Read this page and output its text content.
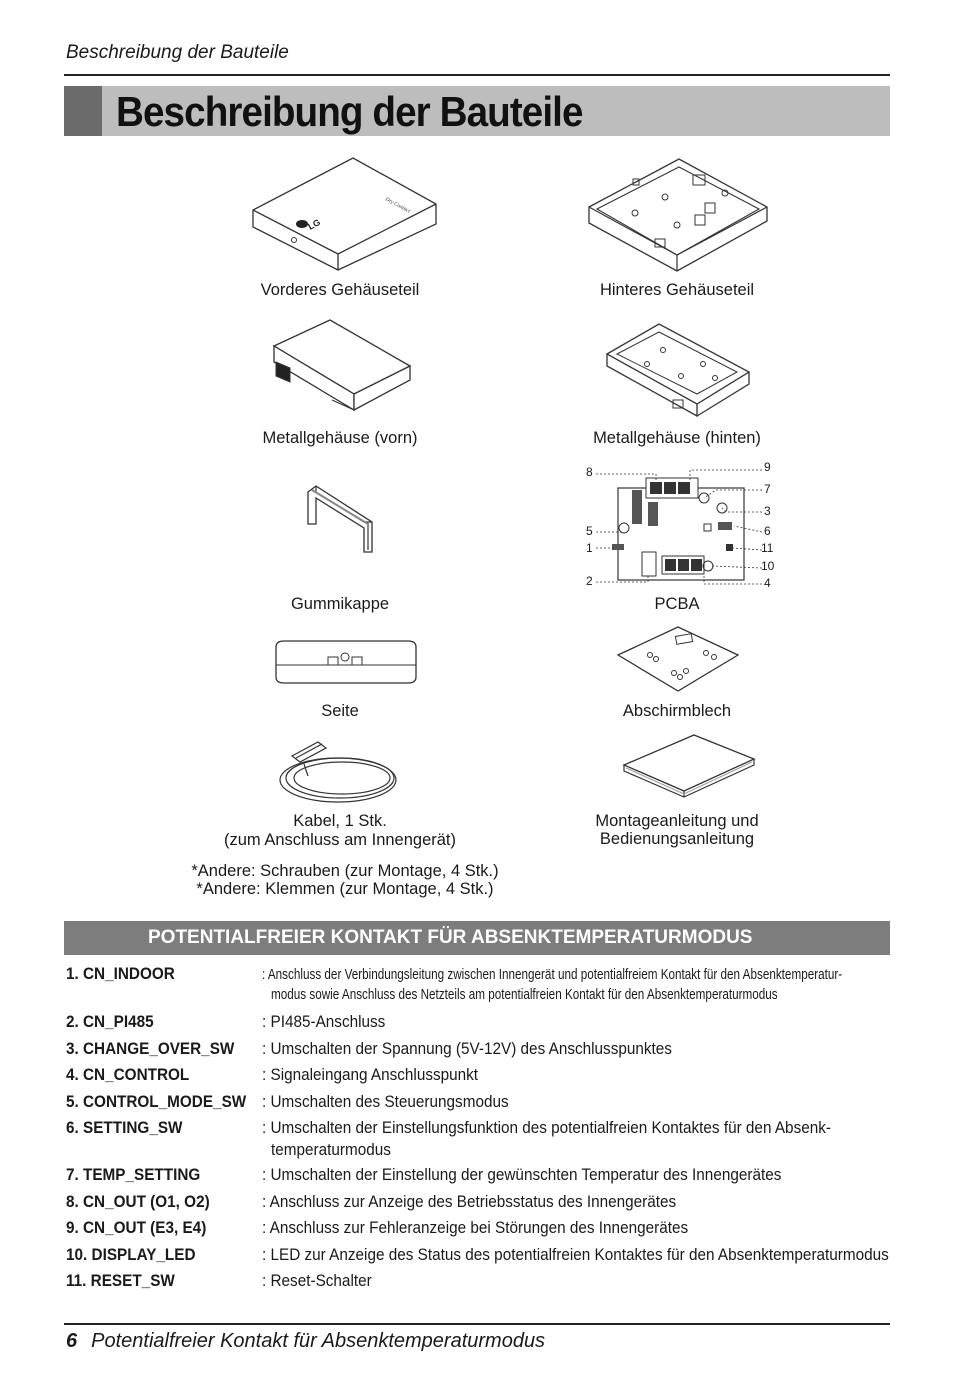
Beschreibung der Bauteile
Beschreibung der Bauteile
LG
Dry Contact
Vorderes Gehäuseteil	Hinteres Gehäuseteil
Metallgehäuse (vorn)	Metallgehäuse (hinten)
Gummikappe
8	9
7
3
5	6
1	11
10
2	4
PCBA
Seite	Abschirmblech
Kabel, 1 Stk.
(zum Anschluss am Innengerät)
Montageanleitung und
Bedienungsanleitung
*Andere: Schrauben (zur Montage, 4 Stk.)
*Andere: Klemmen (zur Montage, 4 Stk.)
POTENTIALFREIER KONTAKT FÜR ABSENKTEMPERATURMODUS
1. CN_INDOOR	: Anschluss der Verbindungsleitung zwischen Innengerät und potentialfreiem Kontakt für den Absenktemperatur-
modus sowie Anschluss des Netzteils am potentialfreien Kontakt für den Absenktemperaturmodus
2. CN_PI485	: PI485-Anschluss
3. CHANGE_OVER_SW : Umschalten der Spannung (5V-12V) des Anschlusspunktes
4. CN_CONTROL	: Signaleingang Anschlusspunkt
5. CONTROL_MODE_SW : Umschalten des Steuerungsmodus
6. SETTING_SW	: Umschalten der Einstellungsfunktion des potentialfreien Kontaktes für den Absenk-
temperaturmodus
7. TEMP_SETTING	: Umschalten der Einstellung der gewünschten Temperatur des Innengerätes
8. CN_OUT (O1, O2)	: Anschluss zur Anzeige des Betriebsstatus des Innengerätes
9. CN_OUT (E3, E4)	: Anschluss zur Fehleranzeige bei Störungen des Innengerätes
10. DISPLAY_LED	: LED zur Anzeige des Status des potentialfreien Kontaktes für den Absenktemperaturmodus
11. RESET_SW	: Reset-Schalter
6 Potentialfreier Kontakt für Absenktemperaturmodus
